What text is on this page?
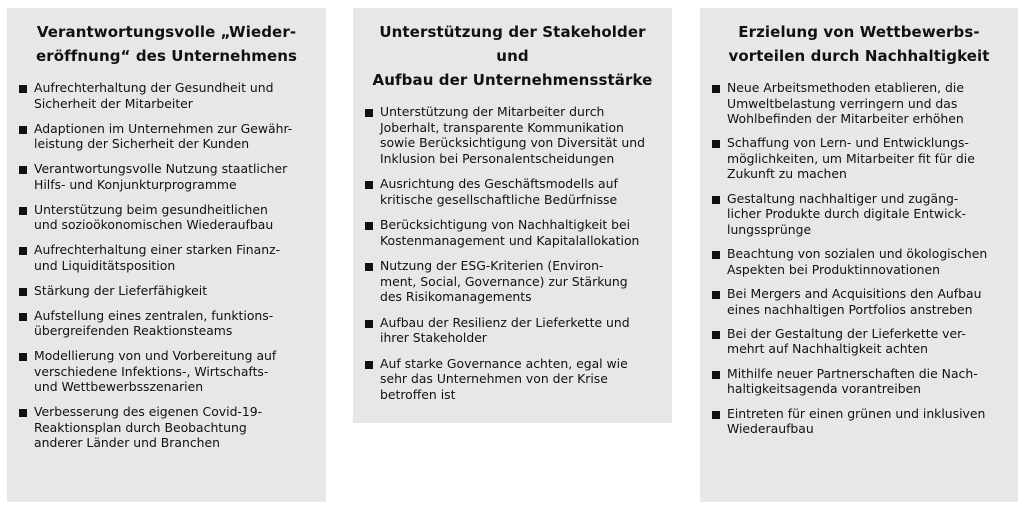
Verantwortungsvolle „Wieder-
eröffnung“ des Unternehmens
Aufrechterhaltung der Gesundheit und
Sicherheit der Mitarbeiter
Adaptionen im Unternehmen zur Gewähr-
leistung der Sicherheit der Kunden
Verantwortungsvolle Nutzung staatlicher
Hilfs- und Konjunkturprogramme
Unterstützung beim gesundheitlichen
und sozioökonomischen Wiederaufbau
Aufrechterhaltung einer starken Finanz-
und Liquiditätsposition
Stärkung der Lieferfähigkeit
Aufstellung eines zentralen, funktions-
übergreifenden Reaktionsteams
Modellierung von und Vorbereitung auf
verschiedene Infektions-, Wirtschafts-
und Wettbewerbsszenarien
Verbesserung des eigenen Covid-19-
Reaktionsplan durch Beobachtung
anderer Länder und Branchen
Unterstützung der Stakeholder und
Aufbau der Unternehmensstärke
Unterstützung der Mitarbeiter durch
Joberhalt, transparente Kommunikation
sowie Berücksichtigung von Diversität und
Inklusion bei Personalentscheidungen
Ausrichtung des Geschäftsmodells auf
kritische gesellschaftliche Bedürfnisse
Berücksichtigung von Nachhaltigkeit bei
Kostenmanagement und Kapitalallokation
Nutzung der ESG-Kriterien (Environ-
ment, Social, Governance) zur Stärkung
des Risikomanagements
Aufbau der Resilienz der Lieferkette und
ihrer Stakeholder
Auf starke Governance achten, egal wie
sehr das Unternehmen von der Krise
betroffen ist
Erzielung von Wettbewerbs-
vorteilen durch Nachhaltigkeit
Neue Arbeitsmethoden etablieren, die
Umweltbelastung verringern und das
Wohlbefinden der Mitarbeiter erhöhen
Schaffung von Lern- und Entwicklungs-
möglichkeiten, um Mitarbeiter fit für die
Zukunft zu machen
Gestaltung nachhaltiger und zugäng-
licher Produkte durch digitale Entwick-
lungssprünge
Beachtung von sozialen und ökologischen
Aspekten bei Produktinnovationen
Bei Mergers and Acquisitions den Aufbau
eines nachhaltigen Portfolios anstreben
Bei der Gestaltung der Lieferkette ver-
mehrt auf Nachhaltigkeit achten
Mithilfe neuer Partnerschaften die Nach-
haltigkeitsagenda vorantreiben
Eintreten für einen grünen und inklusiven
Wiederaufbau
